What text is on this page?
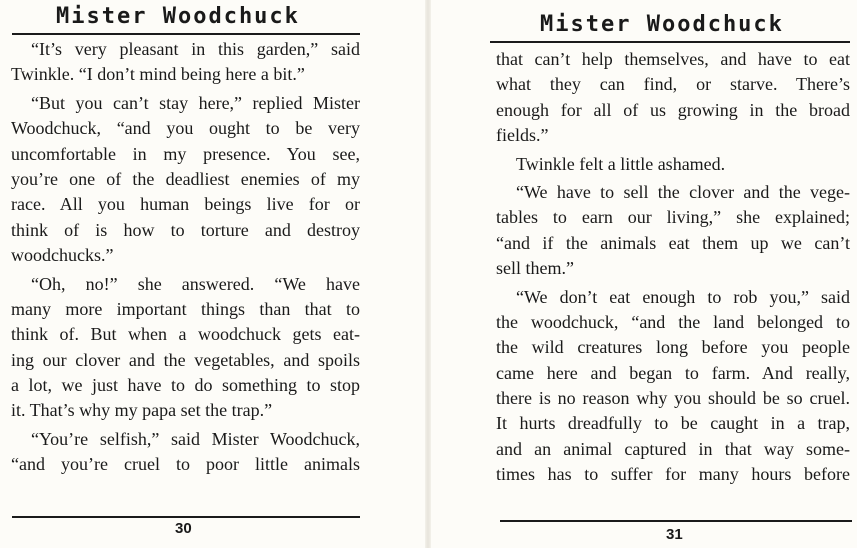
Mister Woodchuck
“It’s very pleasant in this garden,” said
Twinkle. “I don’t mind being here a bit.”
“But you can’t stay here,” replied Mister
Woodchuck, “and you ought to be very
uncomfortable in my presence. You see,
you’re one of the deadliest enemies of my
race. All you human beings live for or
think of is how to torture and destroy
woodchucks.”
“Oh, no!” she answered. “We have
many more important things than that to
think of. But when a woodchuck gets eat-
ing our clover and the vegetables, and spoils
a lot, we just have to do something to stop
it. That’s why my papa set the trap.”
“You’re selfish,” said Mister Woodchuck,
“and you’re cruel to poor little animals
30
Mister Woodchuck
that can’t help themselves, and have to eat
what they can find, or starve. There’s
enough for all of us growing in the broad
fields.”
Twinkle felt a little ashamed.
“We have to sell the clover and the vege-
tables to earn our living,” she explained;
“and if the animals eat them up we can’t
sell them.”
“We don’t eat enough to rob you,” said
the woodchuck, “and the land belonged to
the wild creatures long before you people
came here and began to farm. And really,
there is no reason why you should be so cruel.
It hurts dreadfully to be caught in a trap,
and an animal captured in that way some-
times has to suffer for many hours before
31
